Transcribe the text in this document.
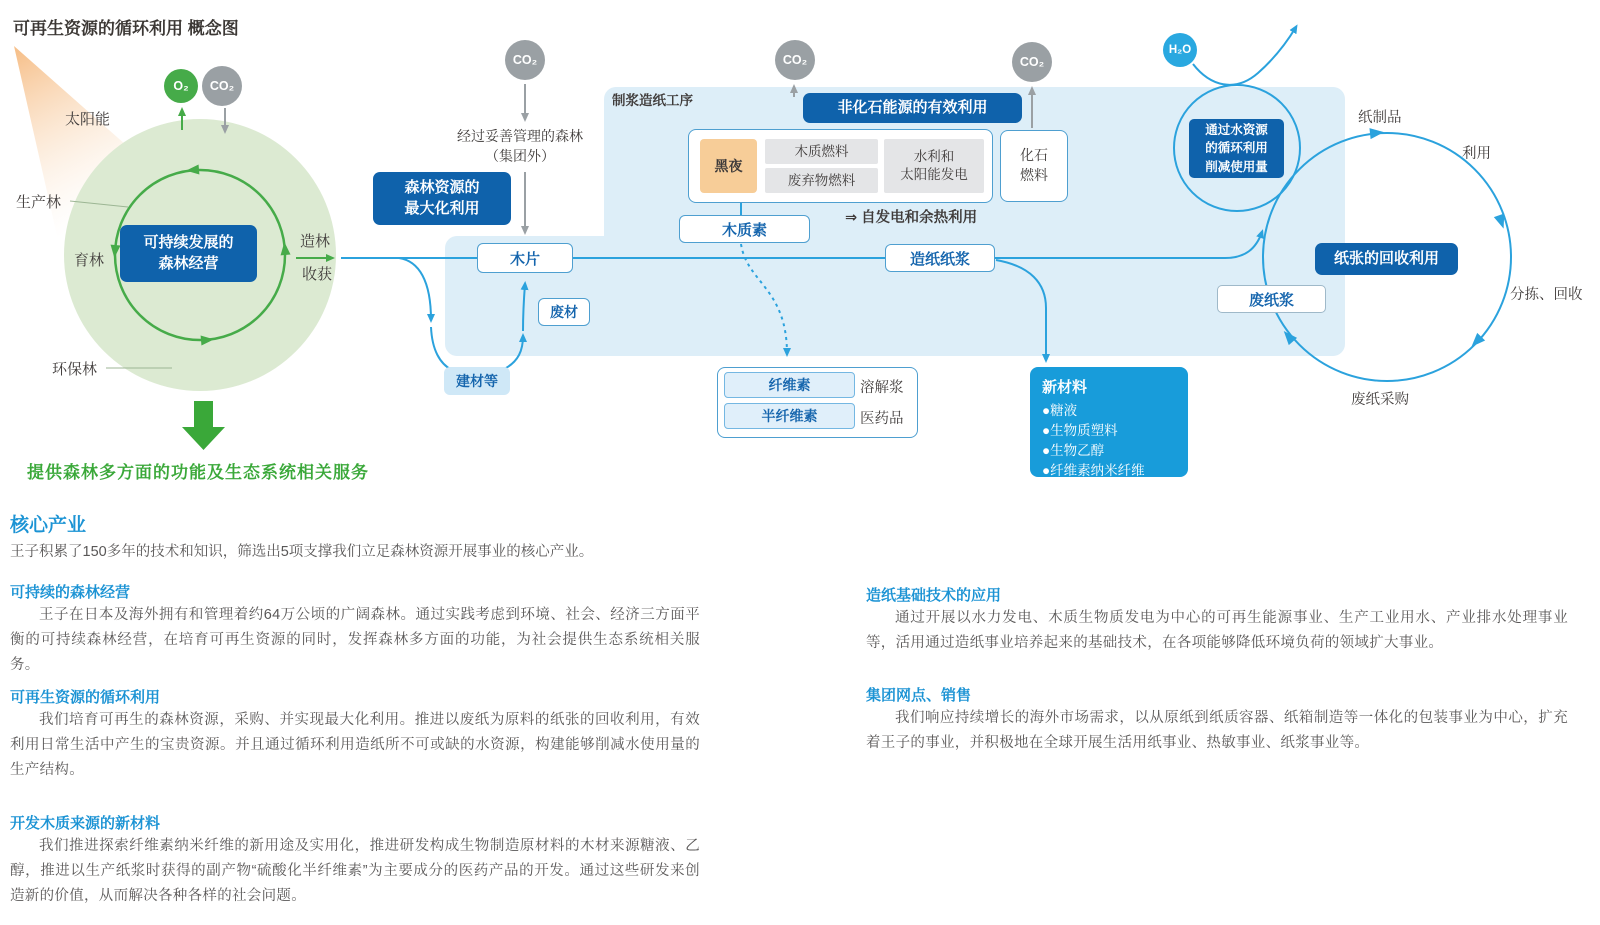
可再生资源的循环利用 概念图
O₂ CO₂
CO₂	CO₂	CO₂
H₂O
太阳能
生产林
育林
造林
收获
环保林
可持续发展的
森林经营
提供森林多方面的功能及生态系统相关服务
经过妥善管理的森林
（集团外）
森林资源的
最大化利用
制浆造纸工序
木片
废材
建材等
非化石能源的有效利用
黑夜
木质燃料
废弃物燃料
水利和
太阳能发电
化石
燃料
木质素
⇒ 自发电和余热利用
造纸纸浆
纤维素	溶解浆
半纤维素	医药品
新材料
●糖液
●生物质塑料
●生物乙醇
●纤维素纳米纤维
通过水资源
的循环利用
削减使用量
纸制品
利用
分拣、回收
废纸采购
纸张的回收利用
废纸浆
核心产业
王子积累了150多年的技术和知识，筛选出5项支撑我们立足森林资源开展事业的核心产业。
可持续的森林经营
王子在日本及海外拥有和管理着约64万公顷的广阔森林。通过实践考虑到环境、社会、经济三方面平衡的可持续森林经营，在培育可再生资源的同时，发挥森林多方面的功能，为社会提供生态系统相关服务。
可再生资源的循环利用
我们培育可再生的森林资源，采购、并实现最大化利用。推进以废纸为原料的纸张的回收利用，有效利用日常生活中产生的宝贵资源。并且通过循环利用造纸所不可或缺的水资源，构建能够削减水使用量的生产结构。
开发木质来源的新材料
我们推进探索纤维素纳米纤维的新用途及实用化，推进研发构成生物制造原材料的木材来源糖液、乙醇，推进以生产纸浆时获得的副产物“硫酸化半纤维素”为主要成分的医药产品的开发。通过这些研发来创造新的价值，从而解决各种各样的社会问题。
造纸基础技术的应用
通过开展以水力发电、木质生物质发电为中心的可再生能源事业、生产工业用水、产业排水处理事业等，活用通过造纸事业培养起来的基础技术，在各项能够降低环境负荷的领域扩大事业。
集团网点、销售
我们响应持续增长的海外市场需求，以从原纸到纸质容器、纸箱制造等一体化的包装事业为中心，扩充着王子的事业，并积极地在全球开展生活用纸事业、热敏事业、纸浆事业等。
